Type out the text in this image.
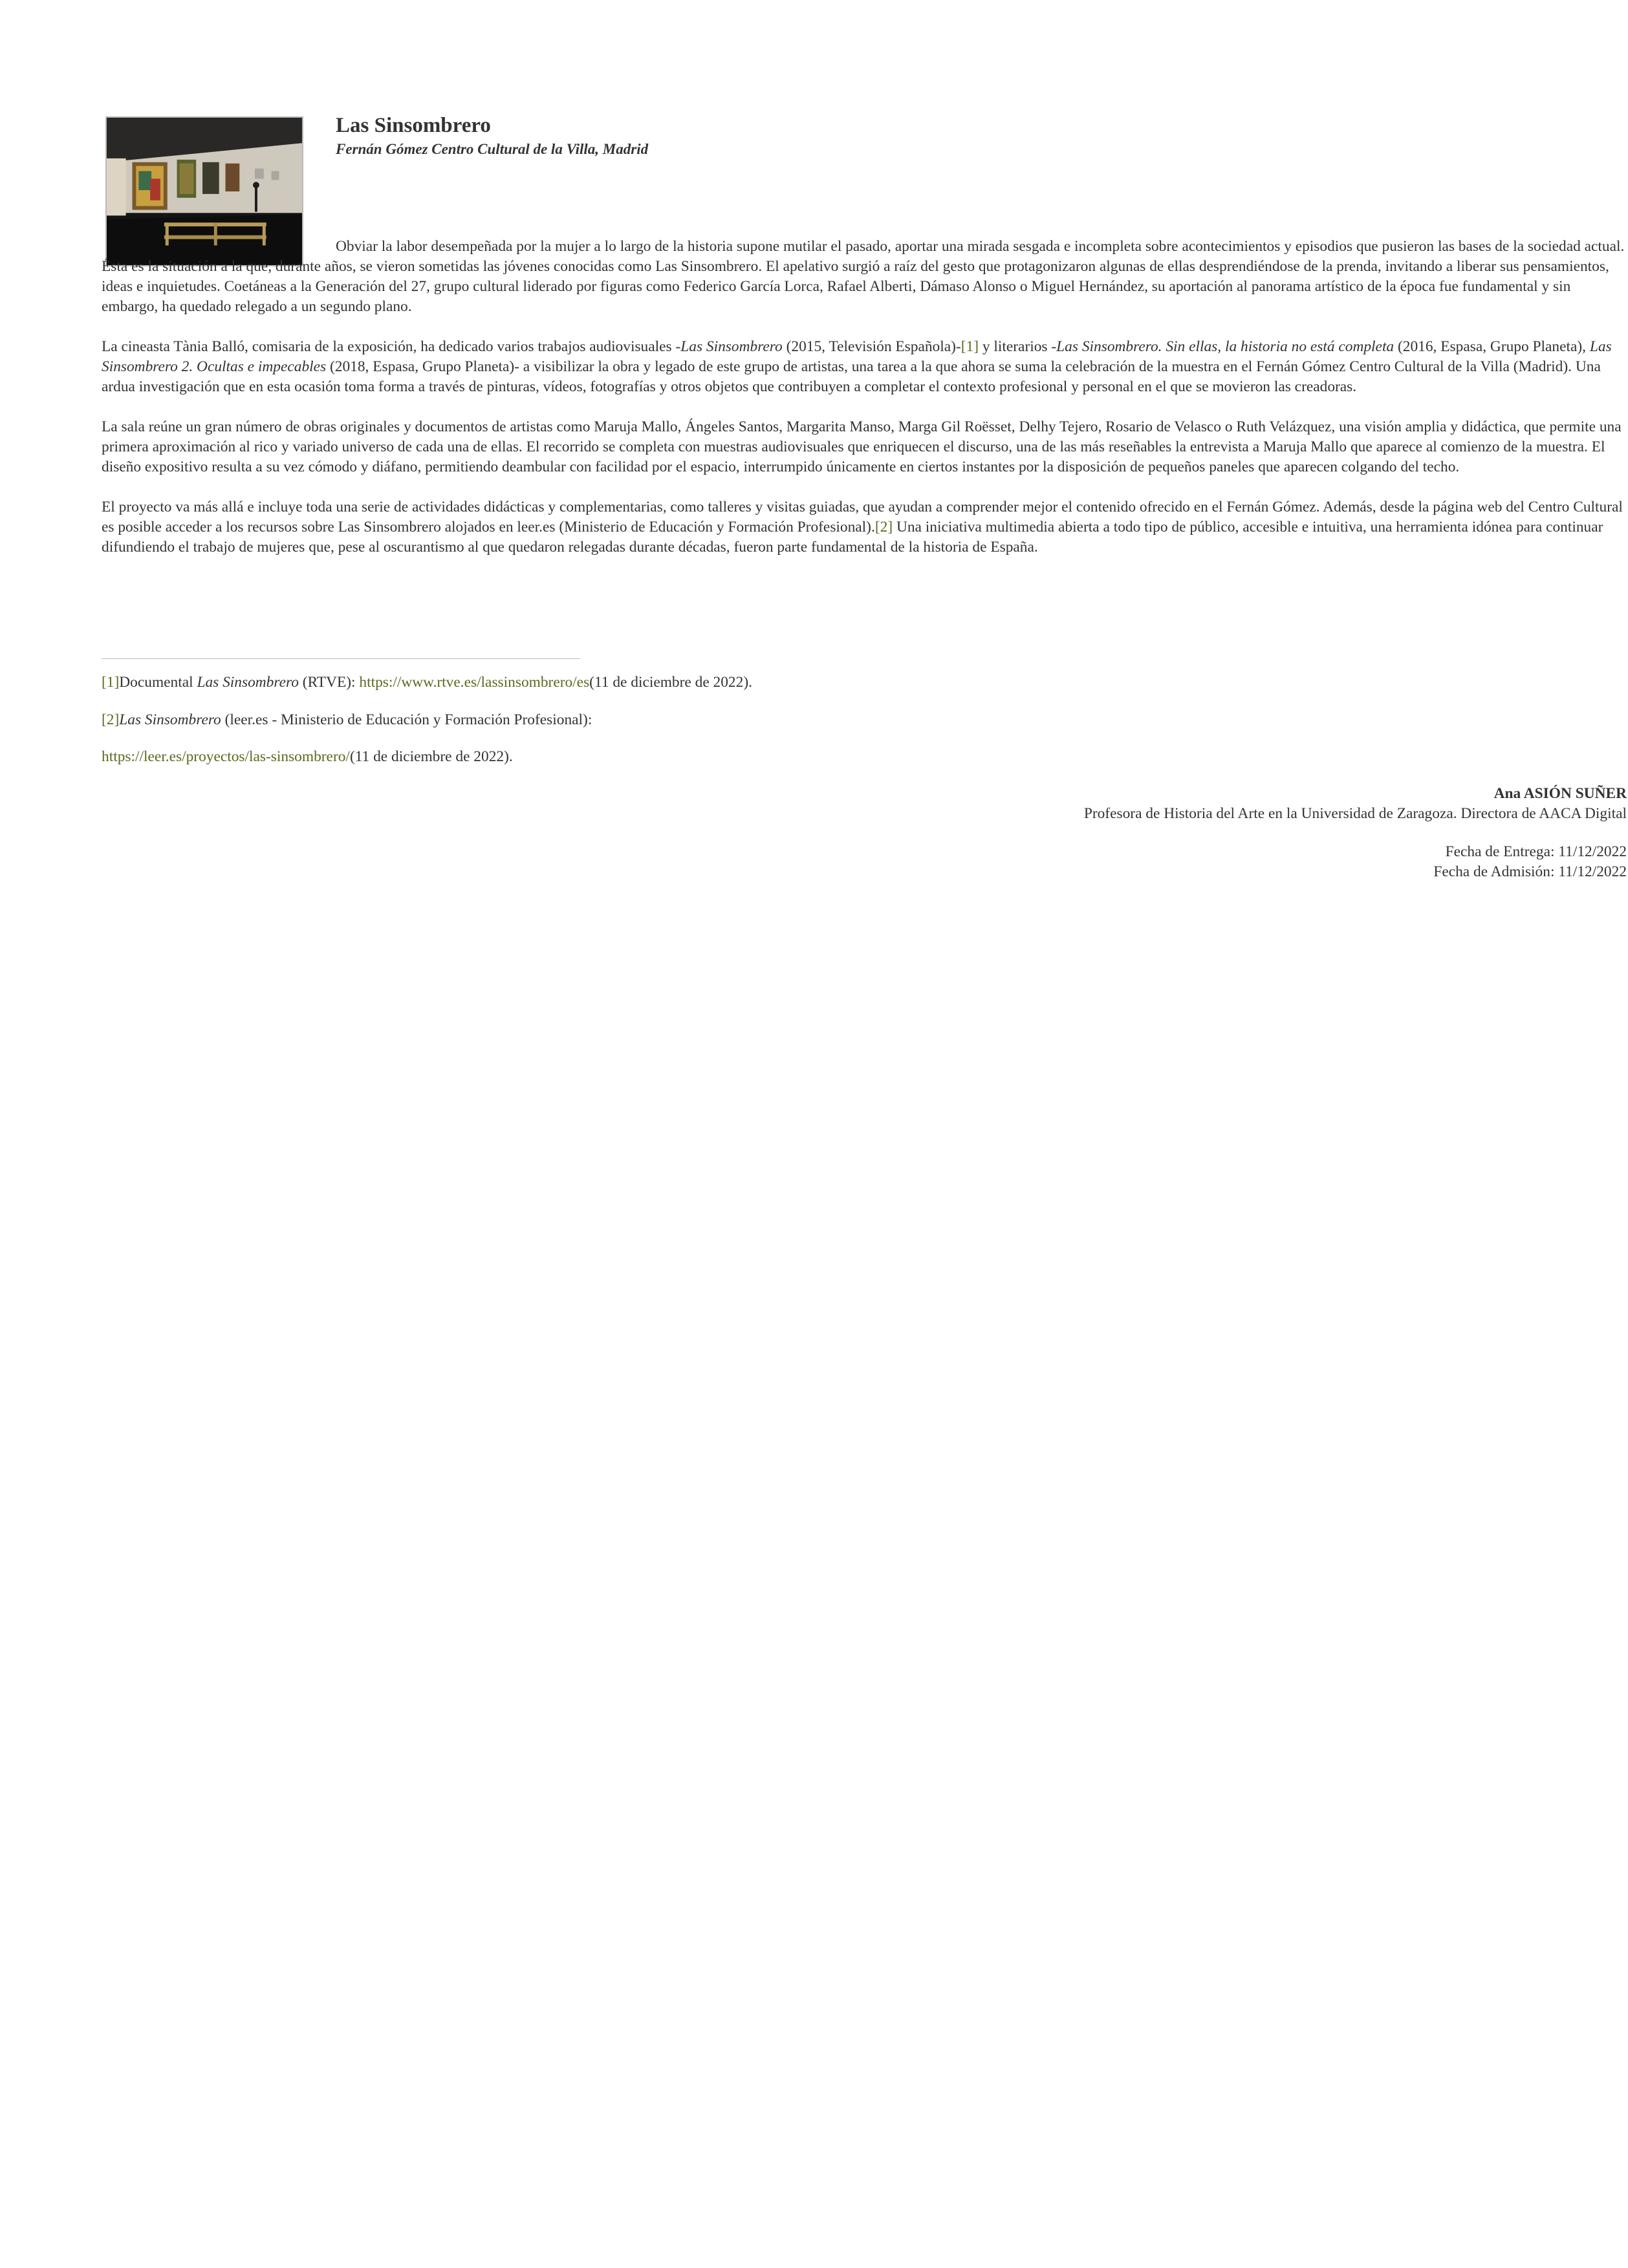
Las Sinsombrero
Fernán Gómez Centro Cultural de la Villa, Madrid

Obviar la labor desempeñada por la mujer a lo largo de la historia supone mutilar el pasado, aportar una mirada sesgada e incompleta sobre acontecimientos y episodios que pusieron las bases de la sociedad actual. Ésta es la situación a la que, durante años, se vieron sometidas las jóvenes conocidas como Las Sinsombrero. El apelativo surgió a raíz del gesto que protagonizaron algunas de ellas desprendiéndose de la prenda, invitando a liberar sus pensamientos, ideas e inquietudes. Coetáneas a la Generación del 27, grupo cultural liderado por figuras como Federico García Lorca, Rafael Alberti, Dámaso Alonso o Miguel Hernández, su aportación al panorama artístico de la época fue fundamental y sin embargo, ha quedado relegado a un segundo plano.

La cineasta Tània Balló, comisaria de la exposición, ha dedicado varios trabajos audiovisuales -Las Sinsombrero (2015, Televisión Española)-[1] y literarios -Las Sinsombrero. Sin ellas, la historia no está completa (2016, Espasa, Grupo Planeta), Las Sinsombrero 2. Ocultas e impecables (2018, Espasa, Grupo Planeta)- a visibilizar la obra y legado de este grupo de artistas, una tarea a la que ahora se suma la celebración de la muestra en el Fernán Gómez Centro Cultural de la Villa (Madrid). Una ardua investigación que en esta ocasión toma forma a través de pinturas, vídeos, fotografías y otros objetos que contribuyen a completar el contexto profesional y personal en el que se movieron las creadoras.

La sala reúne un gran número de obras originales y documentos de artistas como Maruja Mallo, Ángeles Santos, Margarita Manso, Marga Gil Roësset, Delhy Tejero, Rosario de Velasco o Ruth Velázquez, una visión amplia y didáctica, que permite una primera aproximación al rico y variado universo de cada una de ellas. El recorrido se completa con muestras audiovisuales que enriquecen el discurso, una de las más reseñables la entrevista a Maruja Mallo que aparece al comienzo de la muestra. El diseño expositivo resulta a su vez cómodo y diáfano, permitiendo deambular con facilidad por el espacio, interrumpido únicamente en ciertos instantes por la disposición de pequeños paneles que aparecen colgando del techo.

El proyecto va más allá e incluye toda una serie de actividades didácticas y complementarias, como talleres y visitas guiadas, que ayudan a comprender mejor el contenido ofrecido en el Fernán Gómez. Además, desde la página web del Centro Cultural es posible acceder a los recursos sobre Las Sinsombrero alojados en leer.es (Ministerio de Educación y Formación Profesional).[2] Una iniciativa multimedia abierta a todo tipo de público, accesible e intuitiva, una herramienta idónea para continuar difundiendo el trabajo de mujeres que, pese al oscurantismo al que quedaron relegadas durante décadas, fueron parte fundamental de la historia de España.

[1]Documental Las Sinsombrero (RTVE): https://www.rtve.es/lassinsombrero/es(11 de diciembre de 2022).
[2]Las Sinsombrero (leer.es - Ministerio de Educación y Formación Profesional):
https://leer.es/proyectos/las-sinsombrero/(11 de diciembre de 2022).
Ana ASIÓN SUÑER
Profesora de Historia del Arte en la Universidad de Zaragoza. Directora de AACA Digital
Fecha de Entrega: 11/12/2022
Fecha de Admisión: 11/12/2022
